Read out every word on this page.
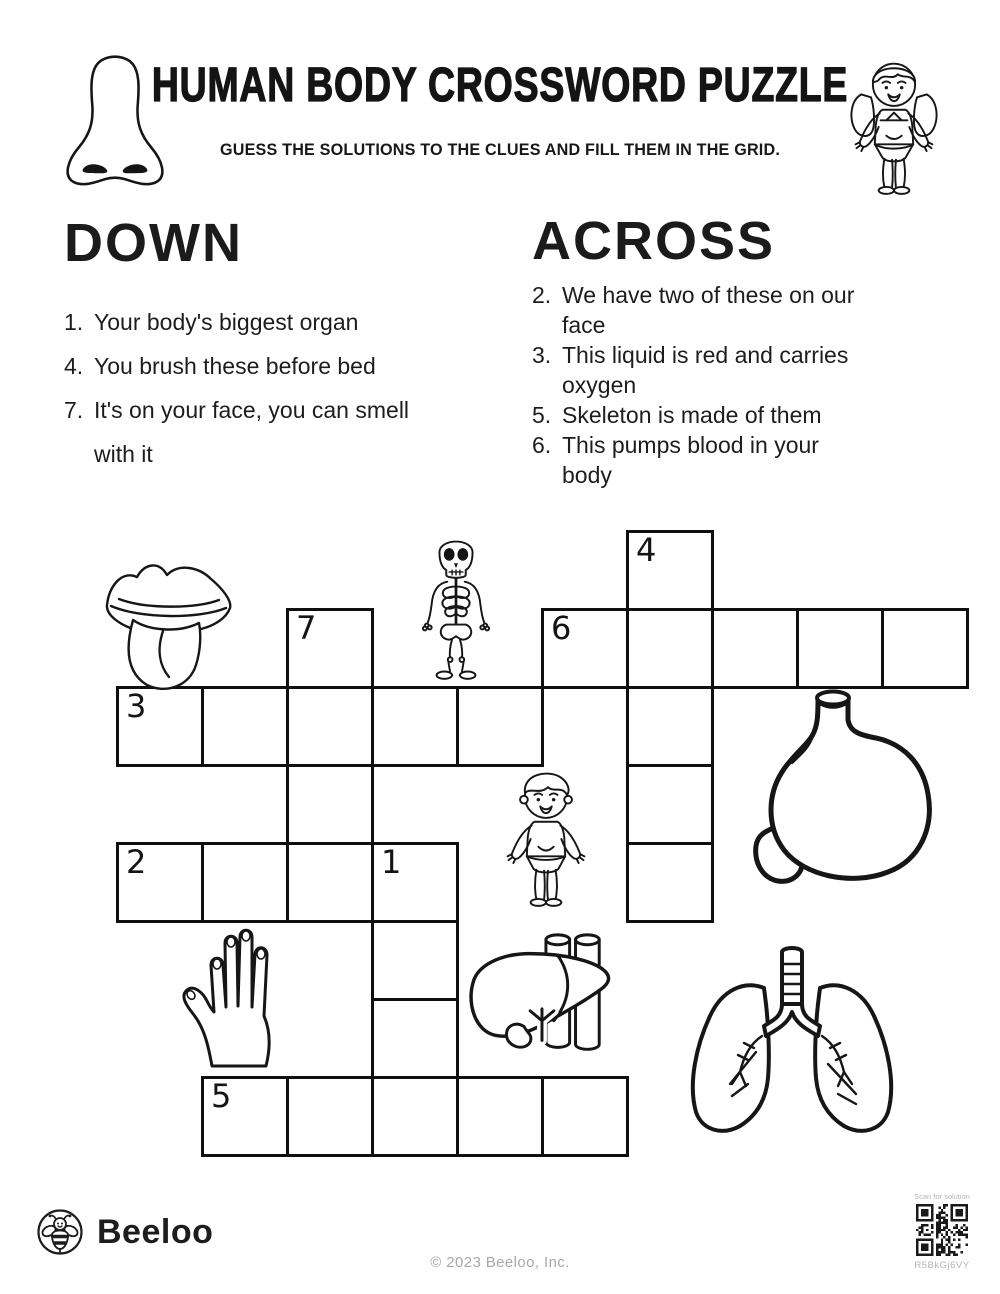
HUMAN BODY CROSSWORD PUZZLE
GUESS THE SOLUTIONS TO THE CLUES AND FILL THEM IN THE GRID.
DOWN
1. Your body's biggest organ
4. You brush these before bed
7. It's on your face, you can smell with it
ACROSS
2. We have two of these on our face
3. This liquid is red and carries oxygen
5. Skeleton is made of them
6. This pumps blood in your body
4
7	6
3
2	1
5
Beeloo
© 2023 Beeloo, Inc.
Scan for solution
R5BkGj6VY
